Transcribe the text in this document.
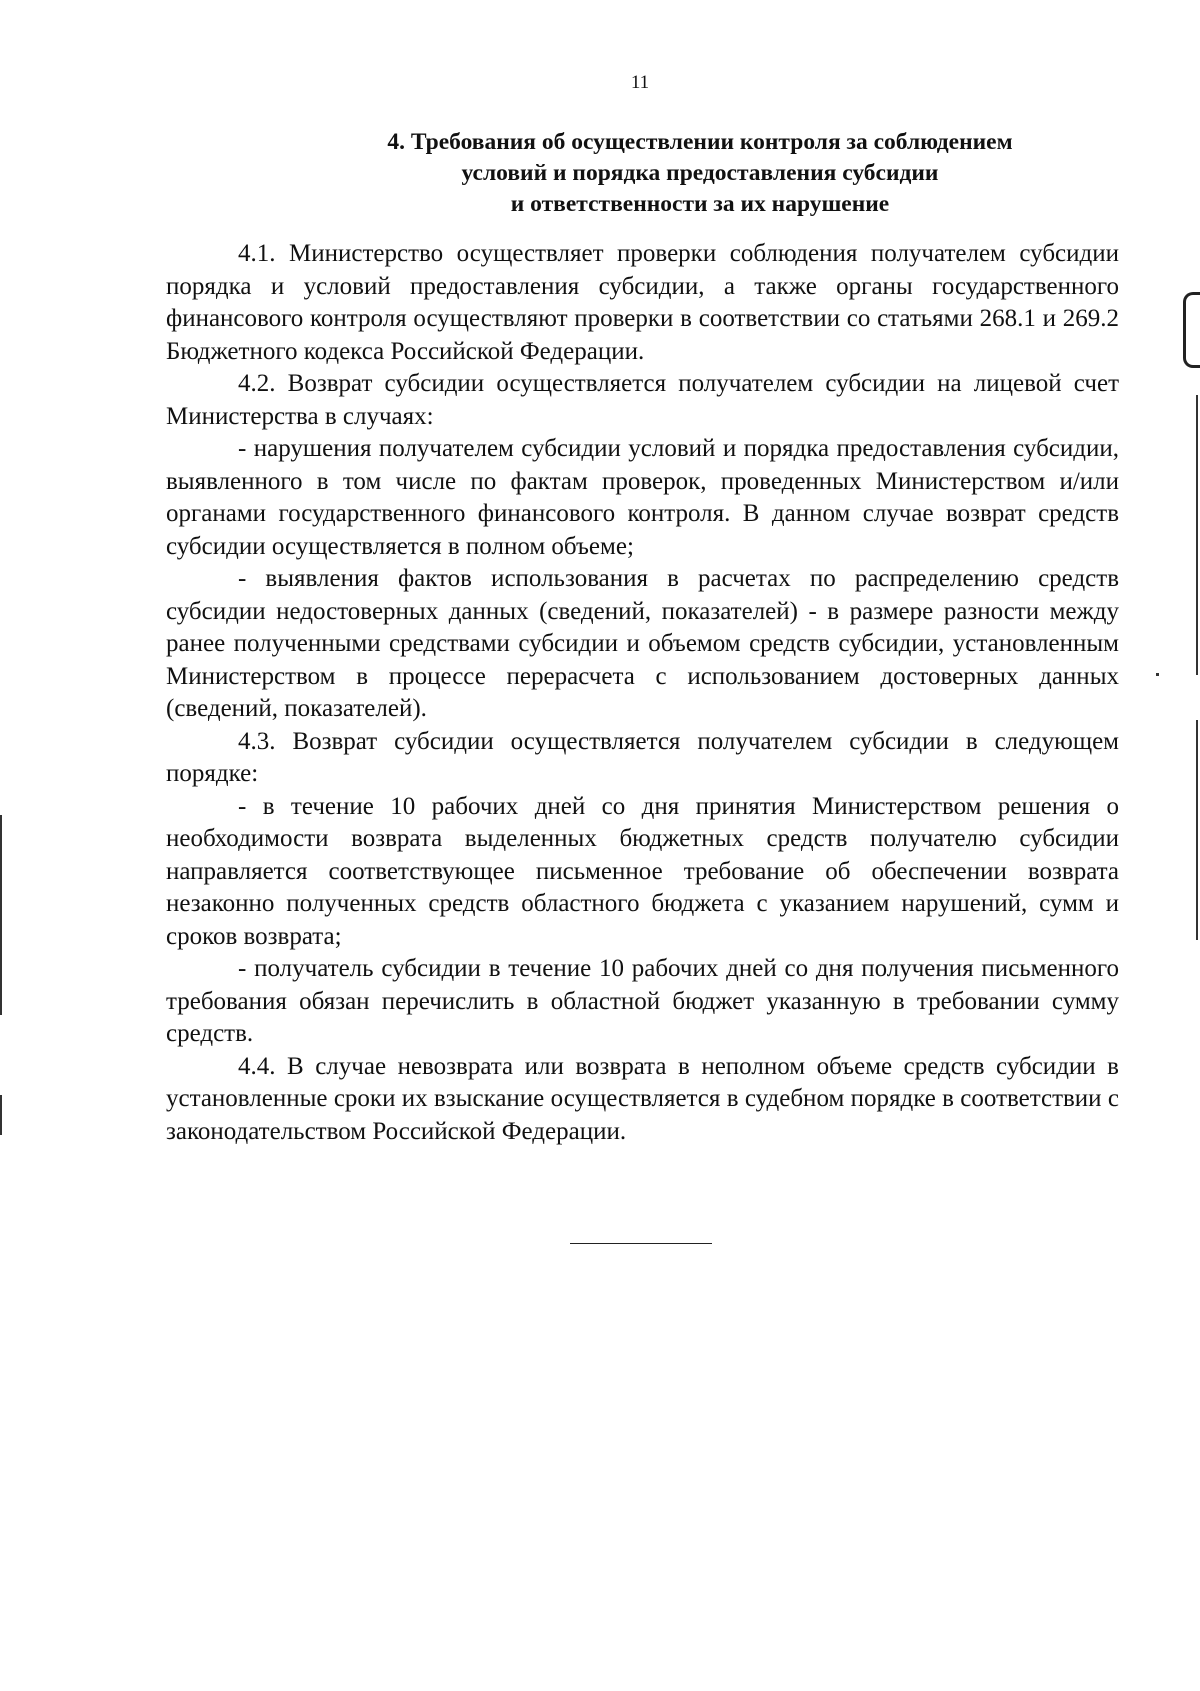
11
4. Требования об осуществлении контроля за соблюдением
условий и порядка предоставления субсидии
и ответственности за их нарушение

4.1. Министерство осуществляет проверки соблюдения получателем субсидии порядка и условий предоставления субсидии, а также органы государственного финансового контроля осуществляют проверки в соответствии со статьями 268.1 и 269.2 Бюджетного кодекса Российской Федерации.

4.2. Возврат субсидии осуществляется получателем субсидии на лицевой счет Министерства в случаях:

- нарушения получателем субсидии условий и порядка предоставления субсидии, выявленного в том числе по фактам проверок, проведенных Министерством и/или органами государственного финансового контроля. В данном случае возврат средств субсидии осуществляется в полном объеме;

- выявления фактов использования в расчетах по распределению средств субсидии недостоверных данных (сведений, показателей) - в размере разности между ранее полученными средствами субсидии и объемом средств субсидии, установленным Министерством в процессе перерасчета с использованием достоверных данных (сведений, показателей).

4.3. Возврат субсидии осуществляется получателем субсидии в следующем порядке:

- в течение 10 рабочих дней со дня принятия Министерством решения о необходимости возврата выделенных бюджетных средств получателю субсидии направляется соответствующее письменное требование об обеспечении возврата незаконно полученных средств областного бюджета с указанием нарушений, сумм и сроков возврата;

- получатель субсидии в течение 10 рабочих дней со дня получения письменного требования обязан перечислить в областной бюджет указанную в требовании сумму средств.

4.4. В случае невозврата или возврата в неполном объеме средств субсидии в установленные сроки их взыскание осуществляется в судебном порядке в соответствии с законодательством Российской Федерации.
